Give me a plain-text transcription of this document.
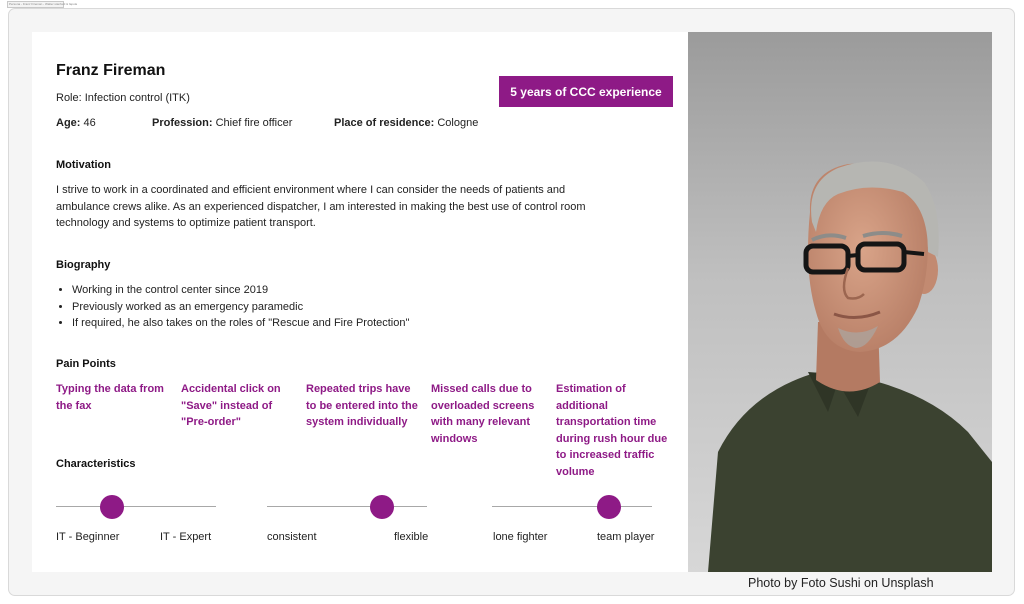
Persona - Franz Fireman - Walter stanford & fapola
Franz Fireman
Role: Infection control (ITK)	5 years of CCC experience
Age: 46	Profession: Chief fire officer	Place of residence: Cologne
Motivation

I strive to work in a coordinated and efficient environment where I can consider the needs of patients and ambulance crews alike. As an experienced dispatcher, I am interested in making the best use of control room technology and systems to optimize patient transport.

Biography
• Working in the control center since 2019
• Previously worked as an emergency paramedic
• If required, he also takes on the roles of "Rescue and Fire Protection"
Pain Points
Typing the data from the fax
Accidental click on "Save" instead of "Pre-order"
Repeated trips have to be entered into the system individually
Missed calls due to overloaded screens with many relevant windows
Estimation of additional transportation time during rush hour due to increased traffic volume
Characteristics
IT - Beginner	IT - Expert	consistent	flexible	lone fighter	team player
Photo by Foto Sushi on Unsplash
